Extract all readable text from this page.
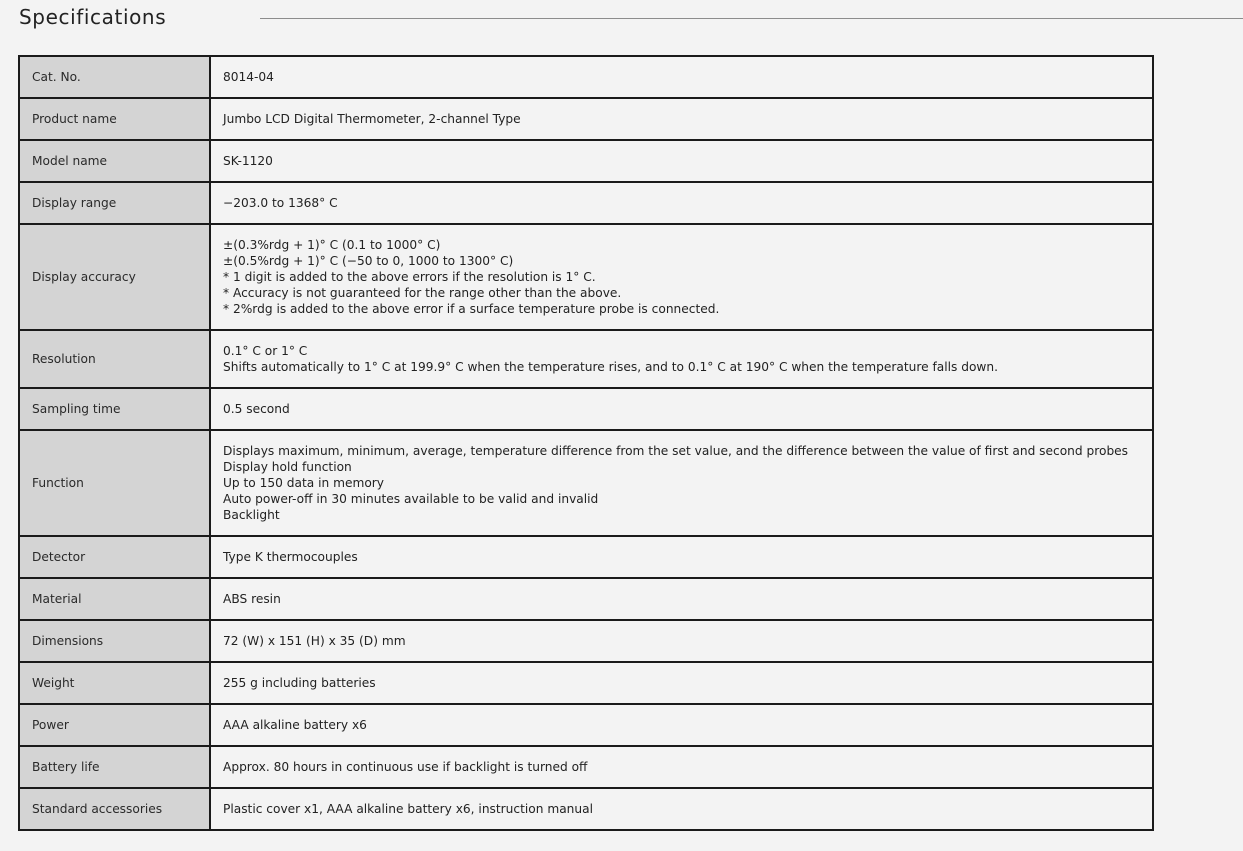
Specifications
Cat. No.	8014-04

Product name	Jumbo LCD Digital Thermometer, 2-channel Type

Model name	SK-1120

Display range	−203.0 to 1368° C

Display accuracy	±(0.3%rdg + 1)° C (0.1 to 1000° C)
±(0.5%rdg + 1)° C (−50 to 0, 1000 to 1300° C)
* 1 digit is added to the above errors if the resolution is 1° C.
* Accuracy is not guaranteed for the range other than the above.
* 2%rdg is added to the above error if a surface temperature probe is connected.

Resolution	0.1° C or 1° C
Shifts automatically to 1° C at 199.9° C when the temperature rises, and to 0.1° C at 190° C when the temperature falls down.

Sampling time	0.5 second

Function	Displays maximum, minimum, average, temperature difference from the set value, and the difference between the value of first and second probes
Display hold function
Up to 150 data in memory
Auto power-off in 30 minutes available to be valid and invalid
Backlight

Detector	Type K thermocouples

Material	ABS resin

Dimensions	72 (W) x 151 (H) x 35 (D) mm

Weight	255 g including batteries

Power	AAA alkaline battery x6

Battery life	Approx. 80 hours in continuous use if backlight is turned off

Standard accessories	Plastic cover x1, AAA alkaline battery x6, instruction manual
